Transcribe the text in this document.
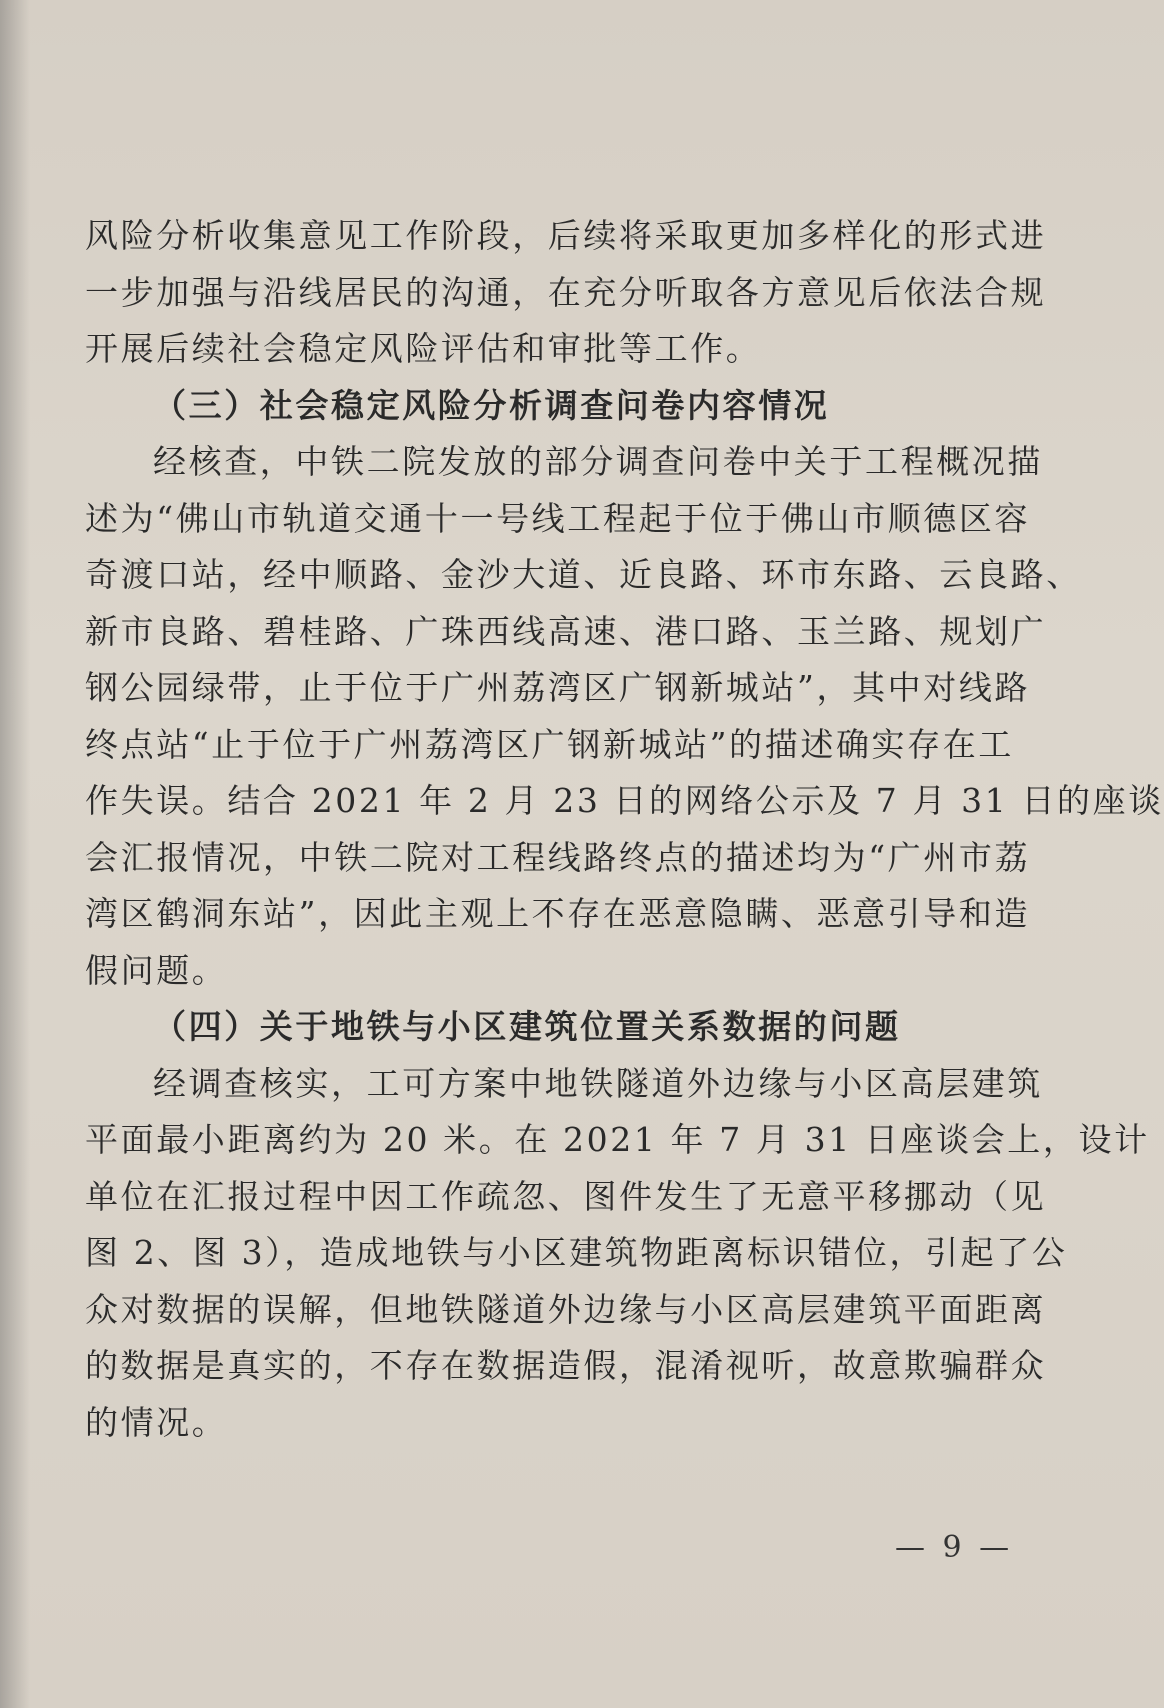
风险分析收集意见工作阶段，后续将采取更加多样化的形式进
一步加强与沿线居民的沟通，在充分听取各方意见后依法合规
开展后续社会稳定风险评估和审批等工作。
（三）社会稳定风险分析调查问卷内容情况
经核查，中铁二院发放的部分调查问卷中关于工程概况描
述为“佛山市轨道交通十一号线工程起于位于佛山市顺德区容
奇渡口站，经中顺路、金沙大道、近良路、环市东路、云良路、
新市良路、碧桂路、广珠西线高速、港口路、玉兰路、规划广
钢公园绿带，止于位于广州荔湾区广钢新城站”，其中对线路
终点站“止于位于广州荔湾区广钢新城站”的描述确实存在工
作失误。结合 2021 年 2 月 23 日的网络公示及 7 月 31 日的座谈
会汇报情况，中铁二院对工程线路终点的描述均为“广州市荔
湾区鹤洞东站”，因此主观上不存在恶意隐瞒、恶意引导和造
假问题。
（四）关于地铁与小区建筑位置关系数据的问题
经调查核实，工可方案中地铁隧道外边缘与小区高层建筑
平面最小距离约为 20 米。在 2021 年 7 月 31 日座谈会上，设计
单位在汇报过程中因工作疏忽、图件发生了无意平移挪动（见
图 2、图 3），造成地铁与小区建筑物距离标识错位，引起了公
众对数据的误解，但地铁隧道外边缘与小区高层建筑平面距离
的数据是真实的，不存在数据造假，混淆视听，故意欺骗群众
的情况。
— 9 —
